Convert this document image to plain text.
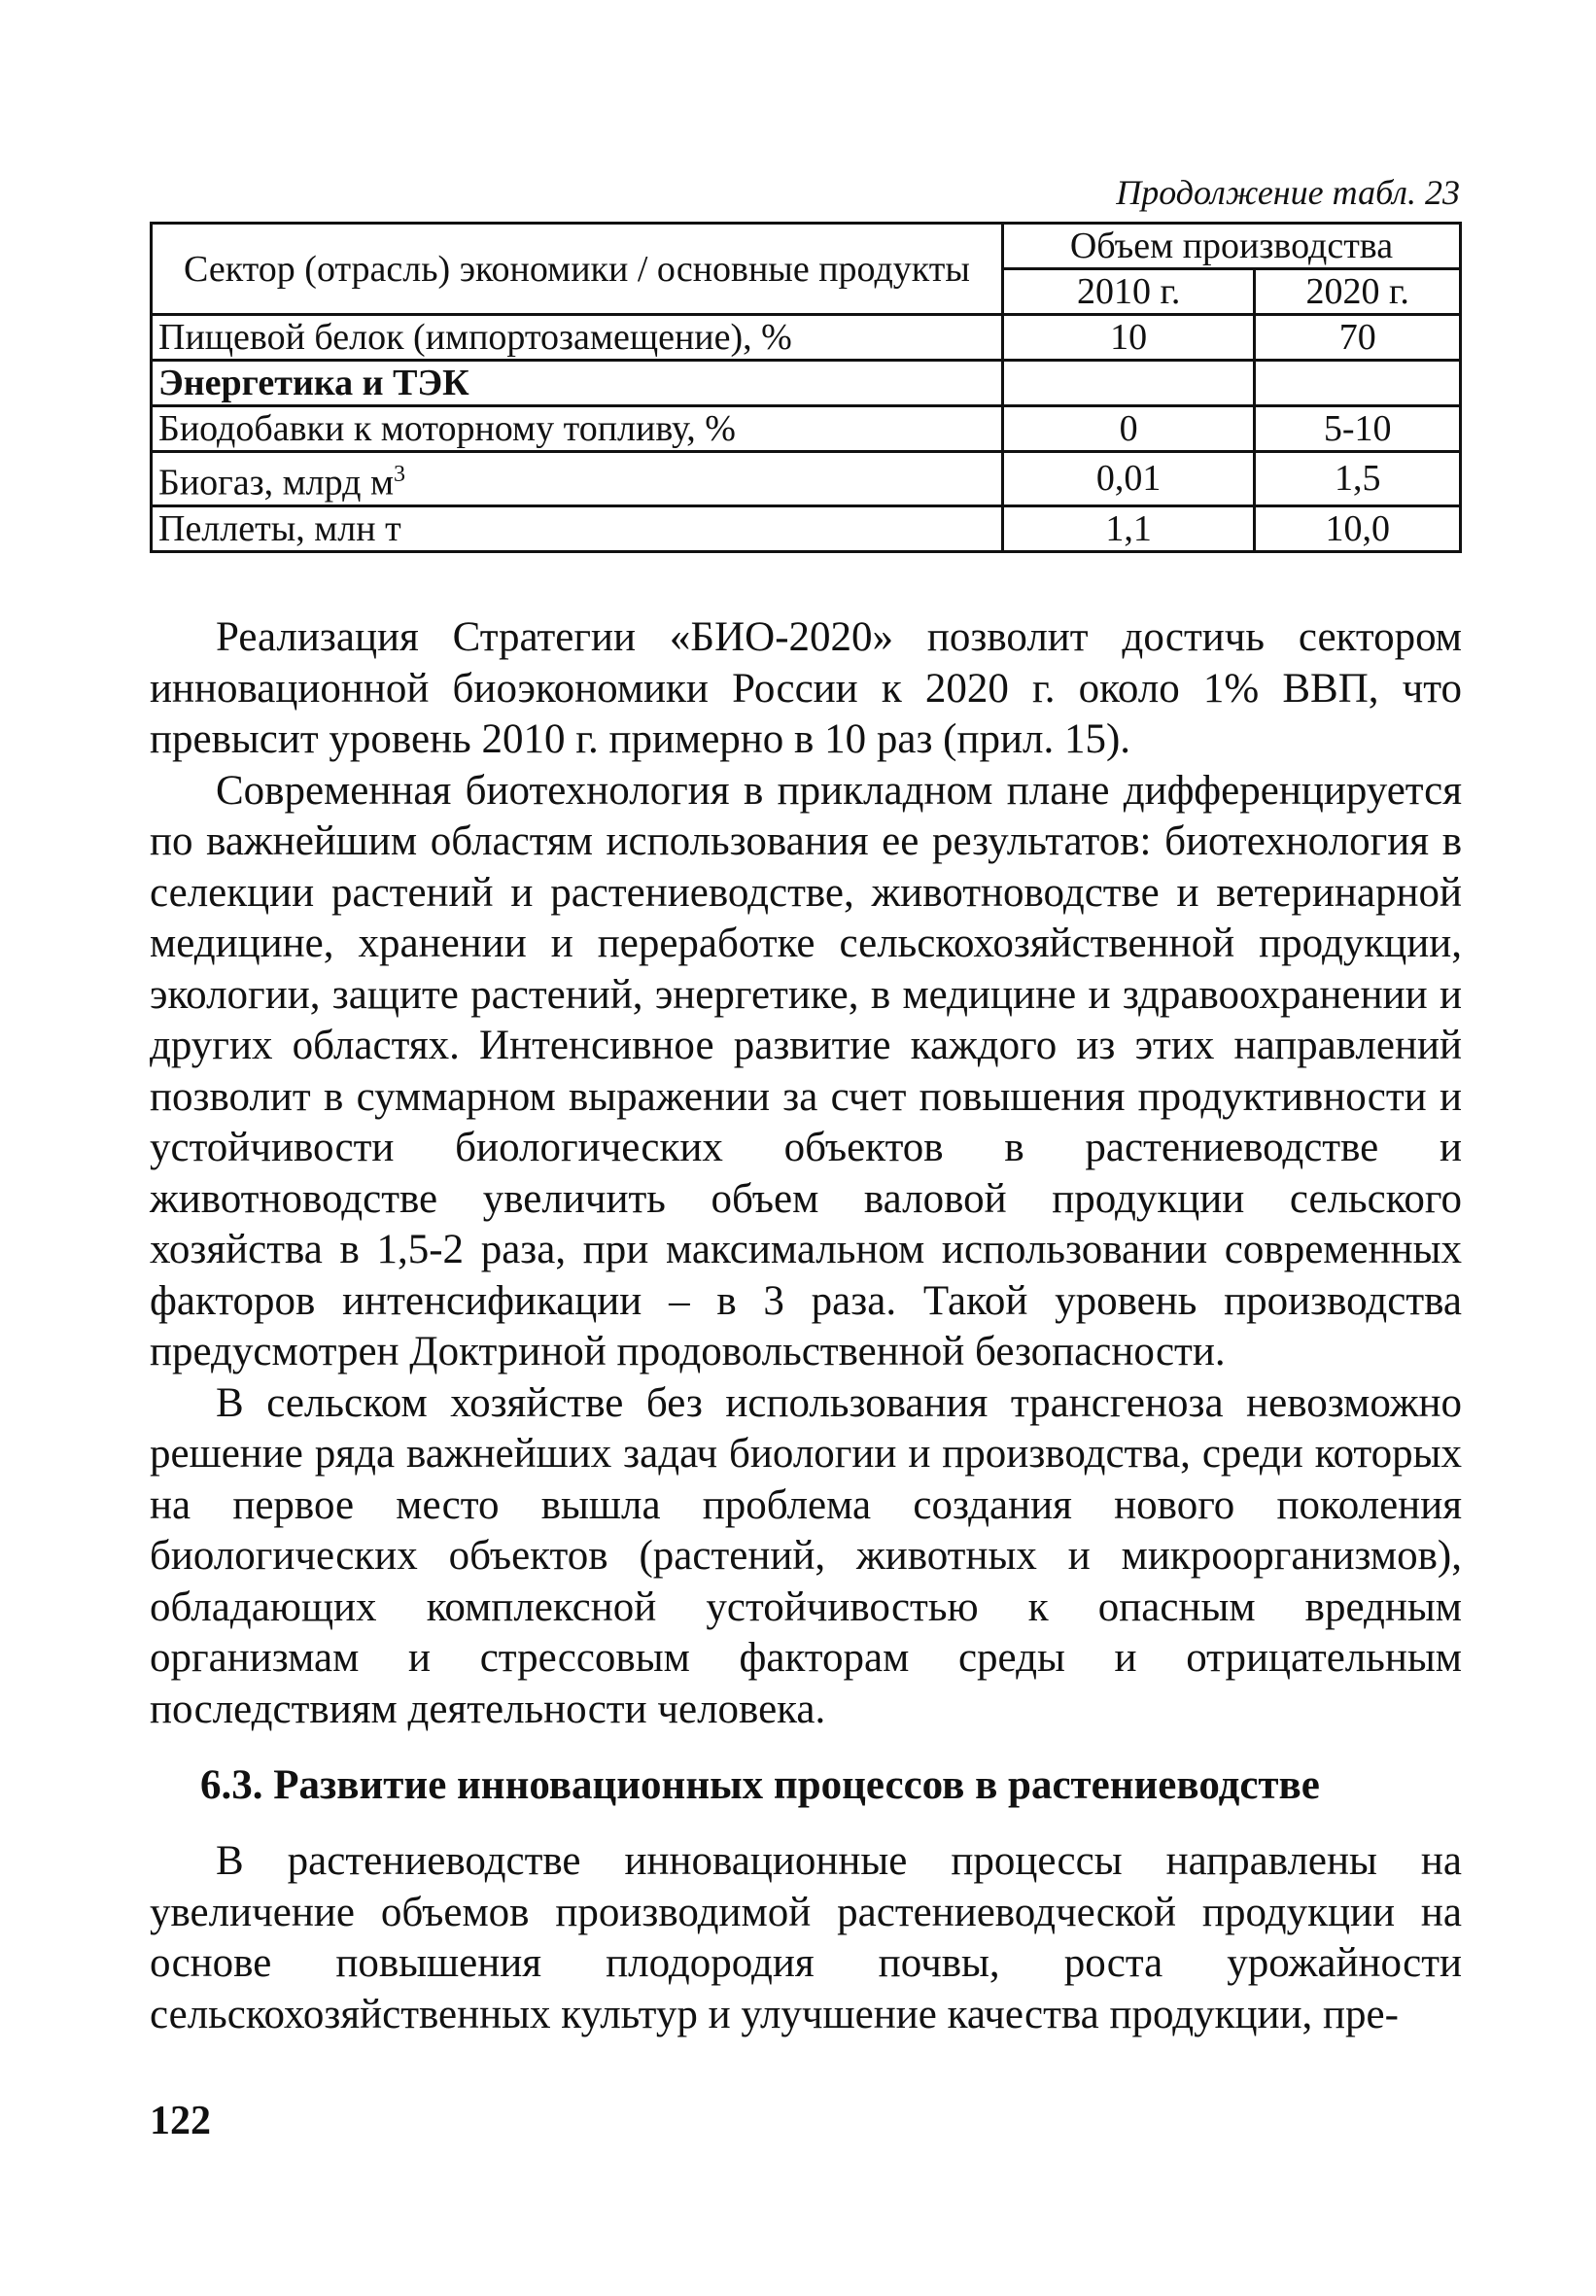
Продолжение табл. 23
Сектор (отрасль) экономики / основные продукты	Объем производства	
	2010 г.	2020 г.
Пищевой белок (импортозамещение), %	10	70
Энергетика и ТЭК		
Биодобавки к моторному топливу, %	0	5-10
Биогаз, млрд $м^3$	0,01	1,5
Пеллеты, млн т	1,1	10,0

Реализация Стратегии «БИО-2020» позволит достичь сектором инновационной биоэкономики России к 2020 г. около 1% ВВП, что превысит уровень 2010 г. примерно в 10 раз (прил. 15).

Современная биотехнология в прикладном плане дифференцируется по важнейшим областям использования ее результатов: биотехнология в селекции растений и растениеводстве, животноводстве и ветеринарной медицине, хранении и переработке сельскохозяйственной продукции, экологии, защите растений, энергетике, в медицине и здравоохранении и других областях. Интенсивное развитие каждого из этих направлений позволит в суммарном выражении за счет повышения продуктивности и устойчивости биологических объектов в растениеводстве и животноводстве увеличить объем валовой продукции сельского хозяйства в 1,5-2 раза, при максимальном использовании современных факторов интенсификации – в 3 раза. Такой уровень производства предусмотрен Доктриной продовольственной безопасности.

В сельском хозяйстве без использования трансгеноза невозможно решение ряда важнейших задач биологии и производства, среди которых на первое место вышла проблема создания нового поколения биологических объектов (растений, животных и микроорганизмов), обладающих комплексной устойчивостью к опасным вредным организмам и стрессовым факторам среды и отрицательным последствиям деятельности человека.

6.3. Развитие инновационных процессов в растениеводстве

В растениеводстве инновационные процессы направлены на увеличение объемов производимой растениеводческой продукции на основе повышения плодородия почвы, роста урожайности сельскохозяйственных культур и улучшение качества продукции, пре-

122
